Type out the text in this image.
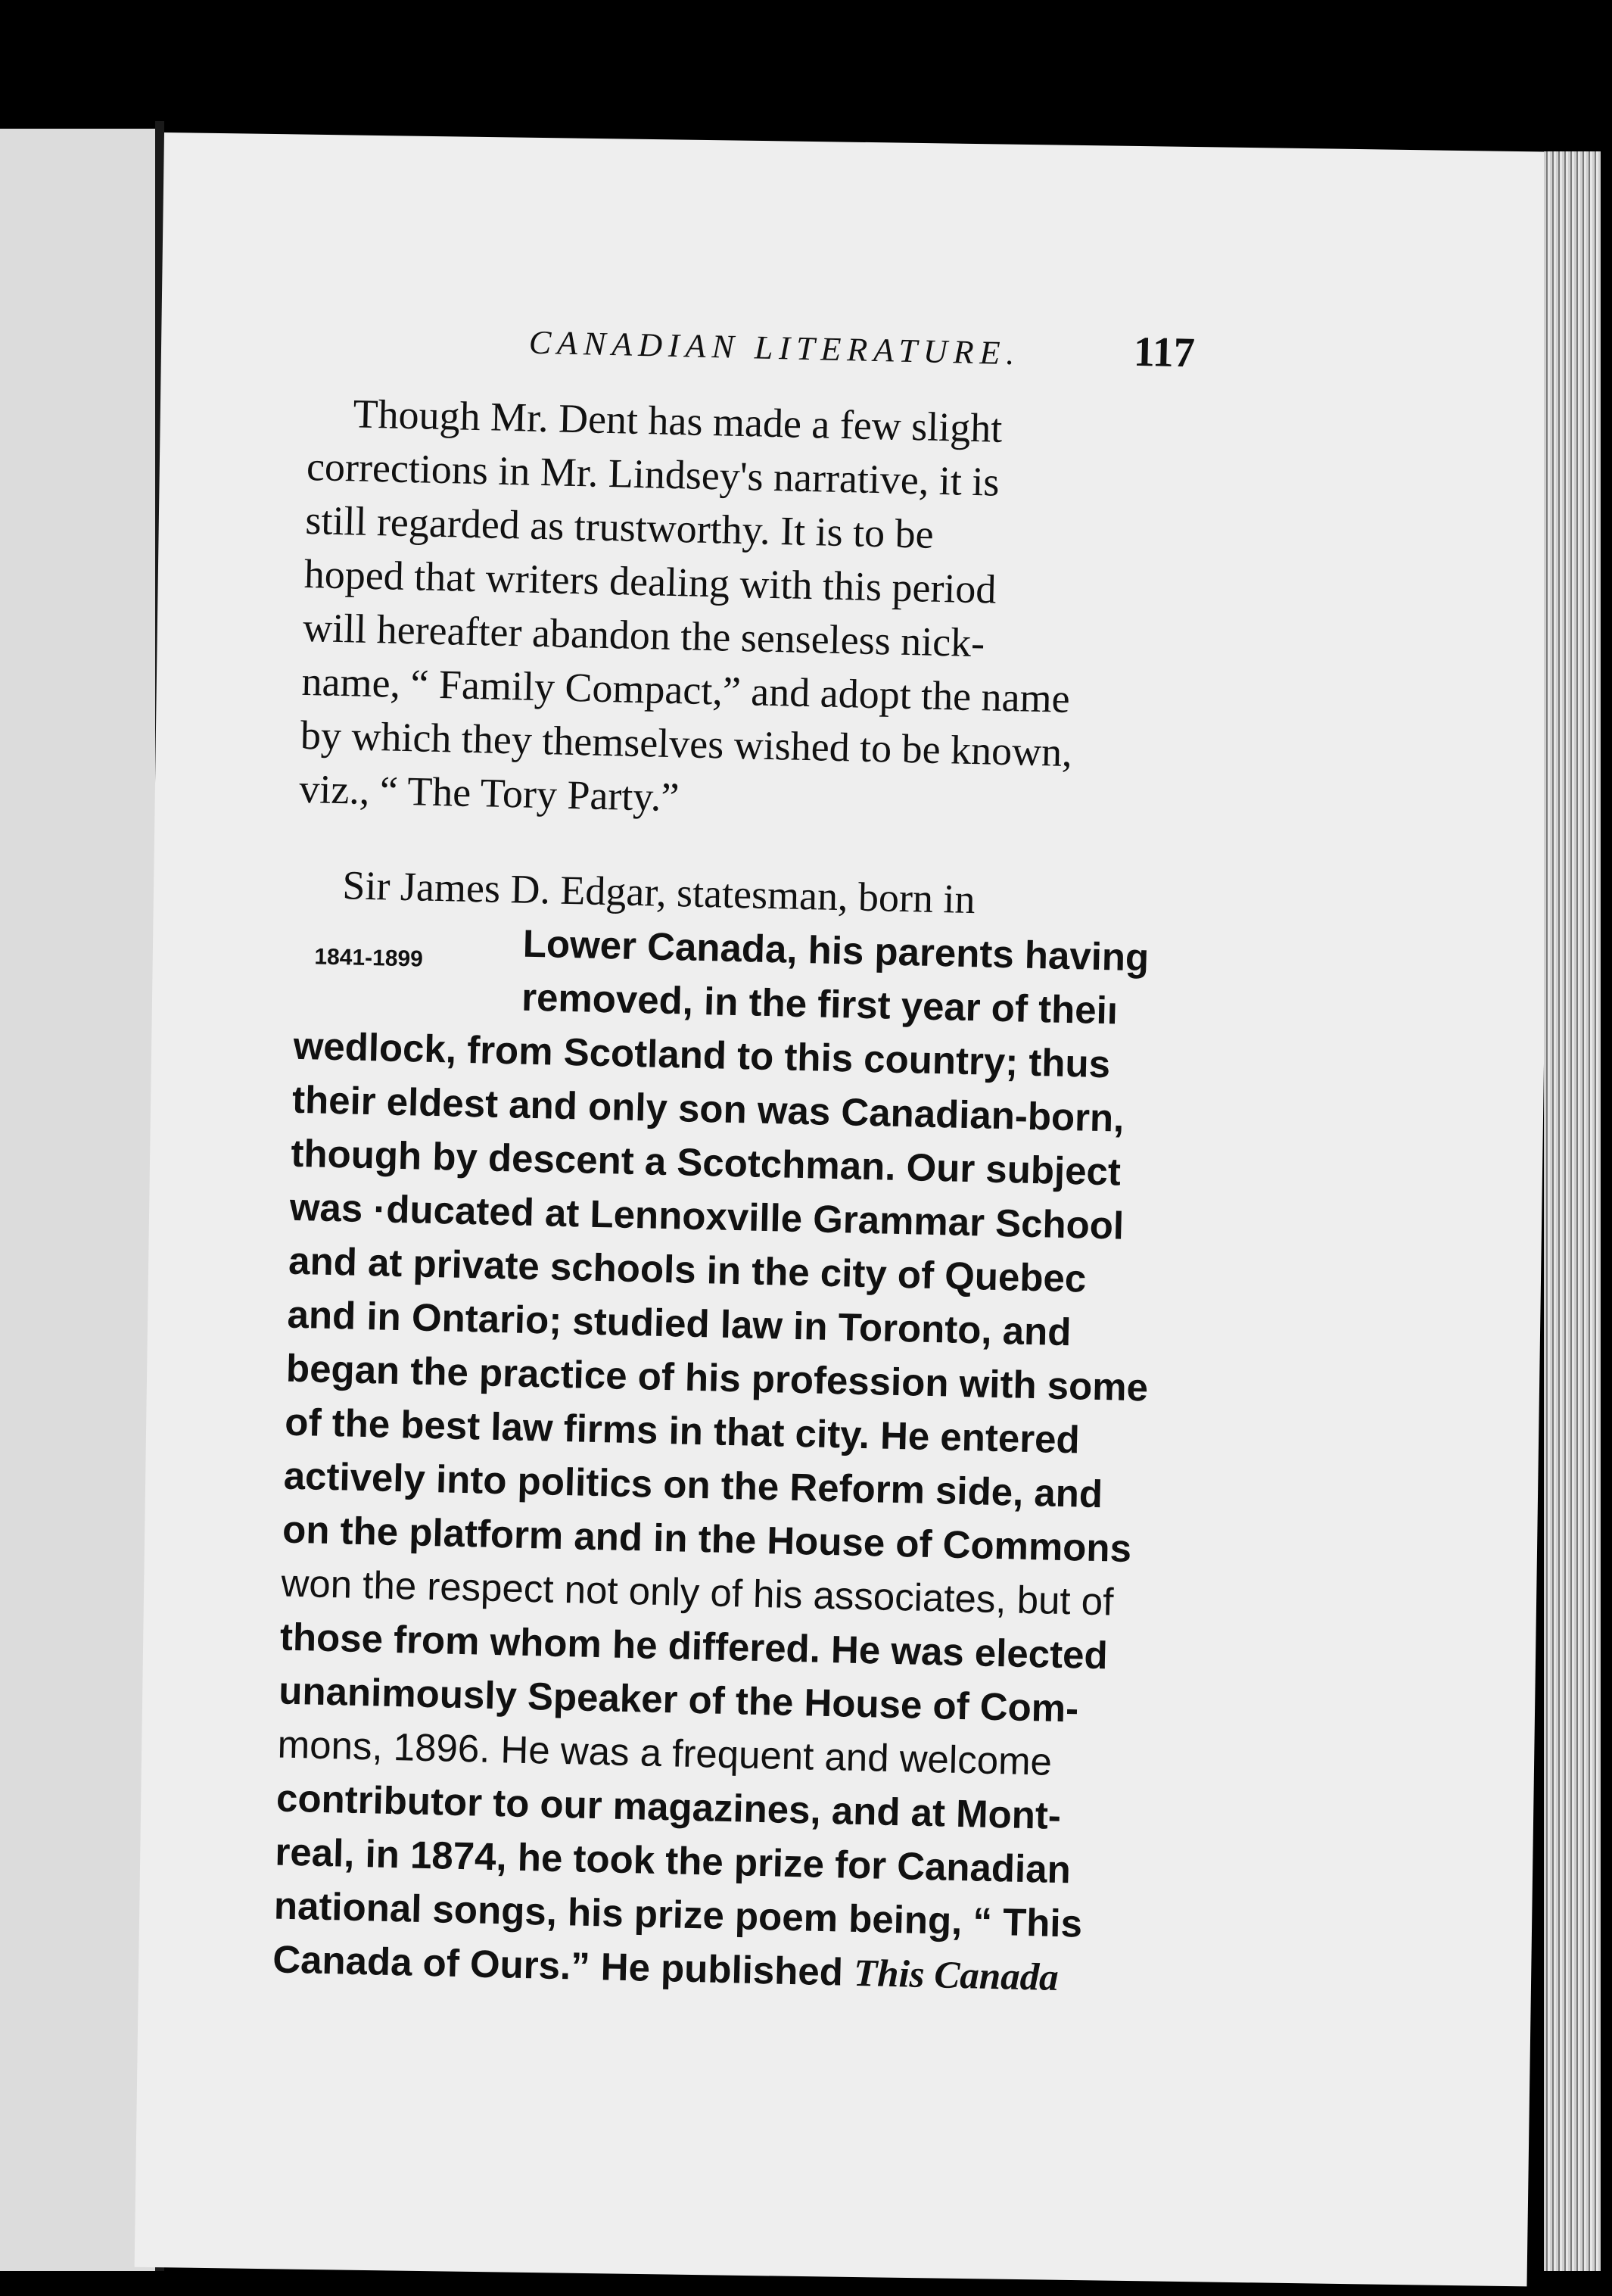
CANADIAN LITERATURE.	117
Though Mr. Dent has made a few slight
corrections in Mr. Lindsey's narrative, it is
still regarded as trustworthy. It is to be
hoped that writers dealing with this period
will hereafter abandon the senseless nick-
name, “ Family Compact,” and adopt the name
by which they themselves wished to be known,
viz., “ The Tory Party.”
Sir James D. Edgar, statesman, born in
1841-1899	Lower Canada, his parents having
removed, in the first year of theiı
wedlock, from Scotland to this country; thus
their eldest and only son was Canadian-born,
though by descent a Scotchman. Our subject
was ·ducated at Lennoxville Grammar School
and at private schools in the city of Quebec
and in Ontario; studied law in Toronto, and
began the practice of his profession with some
of the best law firms in that city. He entered
actively into politics on the Reform side, and
on the platform and in the House of Commons
won the respect not only of his associates, but of
those from whom he differed. He was elected
unanimously Speaker of the House of Com-
mons, 1896. He was a frequent and welcome
contributor to our magazines, and at Mont-
real, in 1874, he took the prize for Canadian
national songs, his prize poem being, “ This
Canada of Ours.” He published This Canada
